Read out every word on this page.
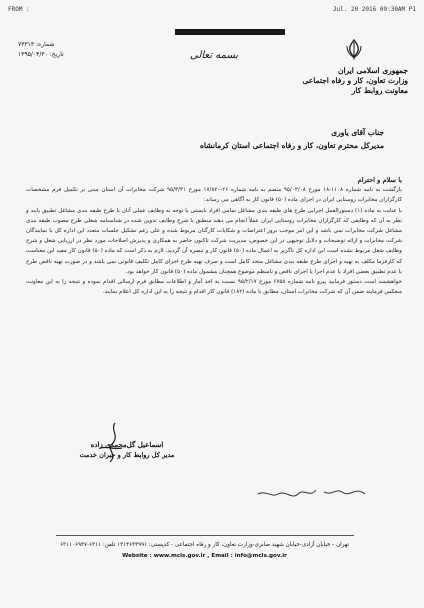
FROM :	Jul. 20 2016 09:30AM P1
بسمه تعالی
جمهوری اسلامی ایران
وزارت تعاون، کار و رفاه اجتماعی
معاونت روابط کار
شماره: ۷۳۳۱۳
تاریخ: ۱۳۹۵/۰۴/۳۰
جناب آقای یاوری
مدیرکل محترم تعاون، کار و رفاه اجتماعی استان کرمانشاه

با سلام و احترام

بازگشت به نامه شماره ۱۱۰۸-۱۸ مورخ ۹۵/۰۳/۰۸ منضم به نامه شماره ۲۶-۱۷/۸۲۰ مورخ ۹۵/۳/۳۱ شرکت مخابرات آن استان مبنی بر تکمیل فرم مشخصات کارگزاران مخابرات روستایی ایران در اجرای ماده (۵۰) قانون کار به آگاهی می رساند:

با عنایت به ماده (۱) دستورالعمل اجرایی طرح های طبقه بندی مشاغل تمامی افراد بایستی با توجه به وظایف عملی آنان با طرح طبقه بندی مشاغل تطبیق یابند و نظر به آن که وظایفی که کارگزاران مخابرات روستایی ایران عملاً انجام می دهند منطبق با شرح وظایف تدوین شده در شناسنامه شغلی طرح مصوب طبقه بندی مشاغل شرکت مخابرات نمی باشد و این امر موجب بروز اعتراضات و شکایات کارگنان مربوط شده و علی رغم تشکیل جلسات متعدد این اداره کل با نمایندگان شرکت مخابرات و ارائه توضیحات و دلایل توجیهی در این خصوص، مدیریت شرکت تاکنون حاضر به همکاری و پذیرش اصلاحات مورد نظر در ارزیابی شغل و شرح وظایف شغل مربوط نشده است این اداره کل ناگزیر به اعمال ماده (۵۰) قانون کار و تبصره آن گردید. لازم به ذکر است که ماده (۵۰) قانون کار مفید این معناست که کارفرما مکلف به تهیه و اجرای طرح طبقه بندی مشاغل متحد کامل است و صرف تهیه طرح اجرای کامل تکلیف قانونی نمی باشد و در صورت تهیه ناقص طرح یا عدم تطبیق بعضی افراد یا عدم اجرا یا اجرای ناقص و نامنظم موضوع همچنان مشمول ماده (۵۰) قانون کار خواهد بود.

خواهشمند است دستور فرمایید پیرو نامه شماره ۶۷۵۸ مورخ ۹۵/۲/۱۷ نسبت به اخذ آمار و اطلاعات مطابق فرم ارسالی اقدام نموده و نتیجه را به این معاونت منعکس فرمایند ضمن آن که شرکت مخابرات استان، مطابق با ماده (۱۸۲) قانون کار اقدام و نتیجه را به این اداره کل اعلام نمایند.

اسماعیل گل‌محمدی زاده
مدیر کل روابط کار و جبران خدمت
تهران - خیابان آزادی-خیابان شهید صابری-وزارت تعاون، کار و رفاه اجتماعی - کدپستی: ۱۳۱۴۶۳۳۹۹۱ تلفن: ۶۳۱۱-۶۳۱۱۰۶۹۳۷
Website : www.mcls.gov.ir , Email : info@mcls.gov.ir
